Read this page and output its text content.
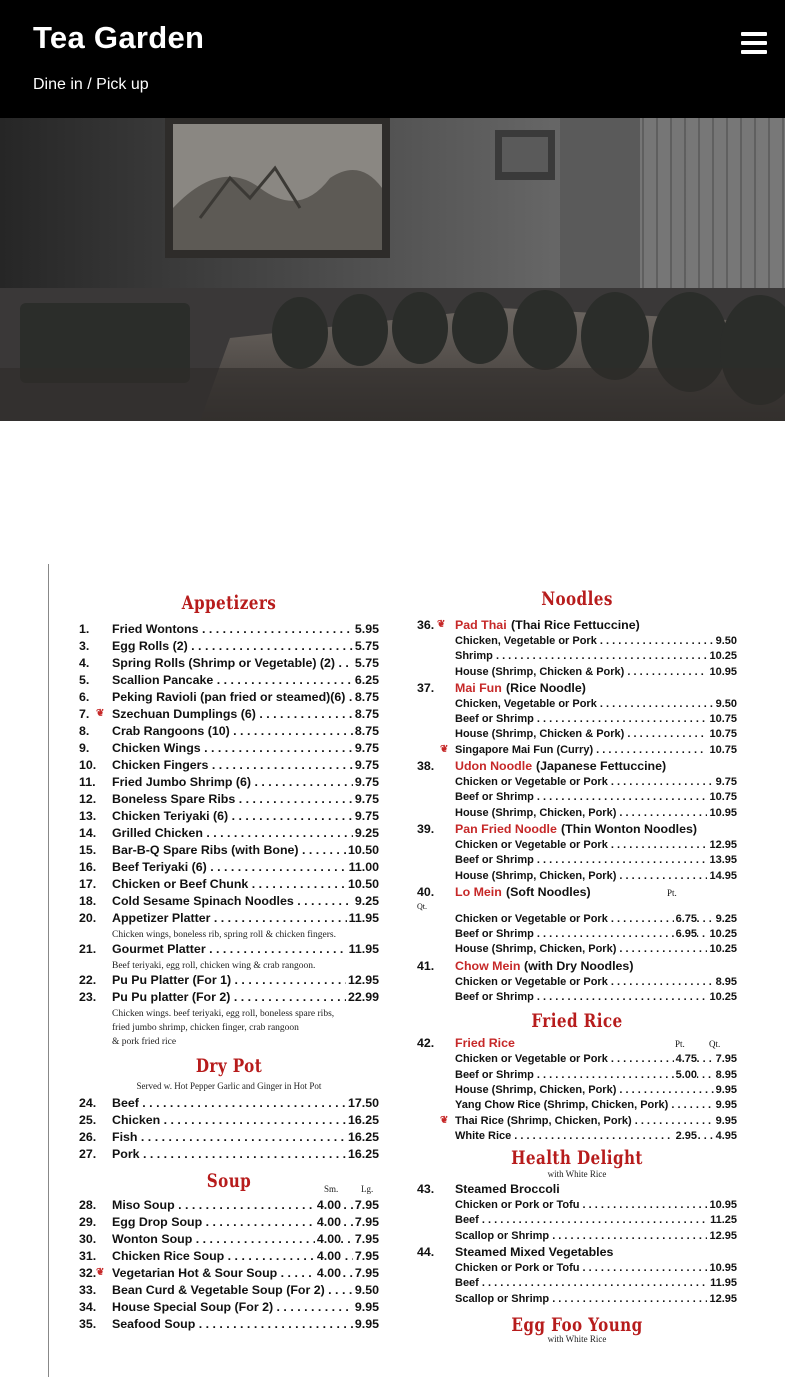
Tea Garden
Dine in / Pick up
Appetizers
1.	Fried Wontons . . .	5.95
3.	Egg Rolls (2) . . .	5.75
4.	Spring Rolls (Shrimp or Vegetable) (2) . . .	5.75
5.	Scallion Pancake . . .	6.25
6.	Peking Ravioli (pan fried or steamed)(6) . . . 8.75
7. ❦ Szechuan Dumplings (6) . . .	8.75
8.	Crab Rangoons (10) . . .	8.75
9.	Chicken Wings . . .	9.75
10.	Chicken Fingers . . .	9.75
11.	Fried Jumbo Shrimp (6) . . .	9.75
12.	Boneless Spare Ribs . . .	9.75
13.	Chicken Teriyaki (6) . . .	9.75
14.	Grilled Chicken . . .	9.25
15.	Bar-B-Q Spare Ribs (with Bone) . . .	10.50
16.	Beef Teriyaki (6) . . .	11.00
17.	Chicken or Beef Chunk . . .	10.50
18.	Cold Sesame Spinach Noodles . . .	9.25
20.	Appetizer Platter . . .	11.95
Chicken wings, boneless rib, spring roll & chicken fingers.
21.	Gourmet Platter . . .	11.95
Beef teriyaki, egg roll, chicken wing & crab rangoon.
22.	Pu Pu Platter (For 1) . . .	12.95
23.	Pu Pu platter (For 2) . . .	22.99
Chicken wings. beef teriyaki, egg roll, boneless spare ribs,
fried jumbo shrimp, chicken finger, crab rangoon
& pork fried rice
Dry Pot
Served w. Hot Pepper Garlic and Ginger in Hot Pot
24.	Beef . . .	17.50
25.	Chicken . . .	16.25
26.	Fish . . .	16.25
27.	Pork . . .	16.25
Soup	Sm.	Lg.
28.	Miso Soup . . .	4.00 7.95
29.	Egg Drop Soup . . .	4.00 7.95
30.	Wonton Soup . . .	4.00 7.95
31.	Chicken Rice Soup . . .	4.00 7.95
32. ❦ Vegetarian Hot & Sour Soup . . .	4.00 7.95
33.	Bean Curd & Vegetable Soup (For 2) . . .	9.50
34.	House Special Soup (For 2) . . .	9.95
35.	Seafood Soup . . .	9.95
Noodles
36. ❦ Pad Thai (Thai Rice Fettuccine)
Chicken, Vegetable or Pork . . .	9.50
Shrimp . . .	10.25
House (Shrimp, Chicken & Pork) . . .	10.95
37. Mai Fun (Rice Noodle)
Chicken, Vegetable or Pork . . .	9.50
Beef or Shrimp . . .	10.75
House (Shrimp, Chicken & Pork) . . .	10.75
❦ Singapore Mai Fun (Curry) . . .	10.75
38. Udon Noodle (Japanese Fettuccine)
Chicken or Vegetable or Pork . . .	9.75
Beef or Shrimp . . .	10.75
House (Shrimp, Chicken, Pork) . . .	10.95
39. Pan Fried Noodle (Thin Wonton Noodles)
Chicken or Vegetable or Pork . . .	12.95
Beef or Shrimp . . .	13.95
House (Shrimp, Chicken, Pork) . . .	14.95
40. Lo Mein (Soft Noodles)	Pt.
Qt.
Chicken or Vegetable or Pork . . .	6.75 9.25
Beef or Shrimp . . .	6.95 10.25
House (Shrimp, Chicken, Pork) . . .	10.25
41. Chow Mein (with Dry Noodles)
Chicken or Vegetable or Pork . . .	8.95
Beef or Shrimp . . .	10.25
Fried Rice
42. Fried Rice	Pt.	Qt.
Chicken or Vegetable or Pork . . .	4.75 7.95
Beef or Shrimp . . .	5.00 8.95
House (Shrimp, Chicken, Pork) . . .	9.95
Yang Chow Rice (Shrimp, Chicken, Pork) . . .	9.95
❦ Thai Rice (Shrimp, Chicken, Pork) . . .	9.95
White Rice . . .	2.95 4.95
Health Delight
with White Rice
43. Steamed Broccoli
Chicken or Pork or Tofu . . .	10.95
Beef . . .	11.25
Scallop or Shrimp . . .	12.95
44. Steamed Mixed Vegetables
Chicken or Pork or Tofu . . .	10.95
Beef . . .	11.95
Scallop or Shrimp . . .	12.95
Egg Foo Young
with White Rice
